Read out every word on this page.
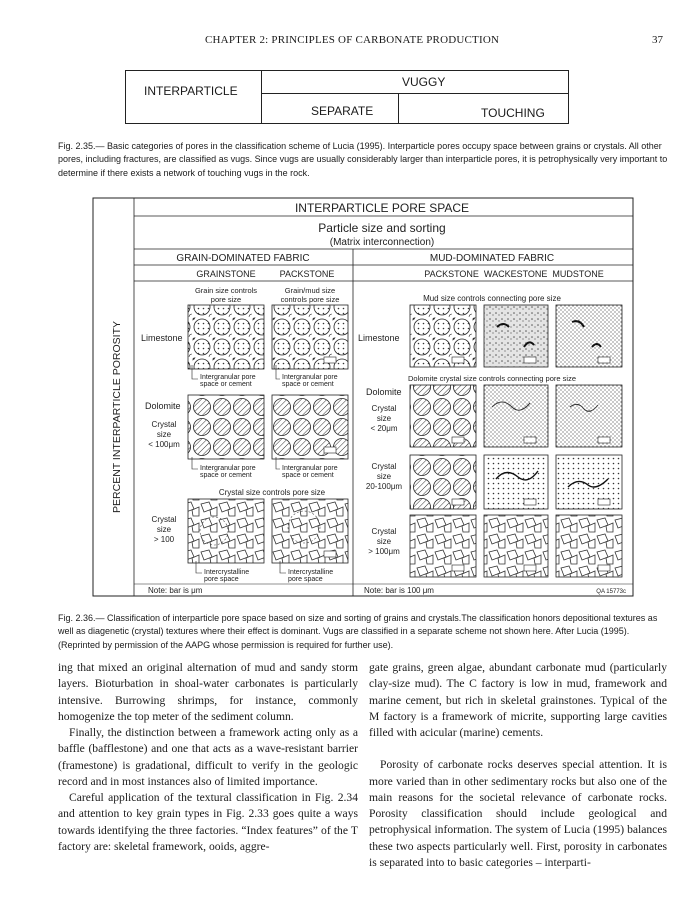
CHAPTER 2: PRINCIPLES OF CARBONATE PRODUCTION	37
INTERPARTICLE
VUGGY
SEPARATE	TOUCHING
Fig. 2.35.— Basic categories of pores in the classification scheme of Lucia (1995). Interparticle pores occupy space between grains or crystals. All other pores, including fractures, are classified as vugs. Since vugs are usually considerably larger than interparticle pores, it is petrophysically very important to determine if there exists a network of touching vugs in the rock.
INTERPARTICLE PORE SPACE
Particle size and sorting
(Matrix interconnection)
GRAIN-DOMINATED FABRIC	MUD-DOMINATED FABRIC
GRAINSTONE	PACKSTONE	PACKSTONE  WACKESTONE  MUDSTONE
PERCENT INTERPARTICLE POROSITY Limestone
Dolomite
Crystal
size
< 100μm
Crystal
size
> 100
Grain size controls
pore size
Grain/mud size
controls pore size
Intergranular pore
space or cement
Intergranular pore
space or cement
Intergranular pore
space or cement
Intergranular pore
space or cement
Crystal size controls pore size
Intercrystalline
pore space
Intercrystalline
pore space
Mud size controls connecting pore size
Limestone
Dolomite crystal size controls connecting pore size
Dolomite
Crystal
size
< 20μm
Crystal
size
20-100μm
Crystal
size
> 100μm
Note: bar is μm	Note: bar is 100 μm	QA 15773c
Fig. 2.36.— Classification of interparticle pore space based on size and sorting of grains and crystals.The classification honors depositional textures as well as diagenetic (crystal) textures where their effect is dominant. Vugs are classified in a separate scheme not shown here. After Lucia (1995). (Reprinted by permission of the AAPG whose permission is required for further use).

ing that mixed an original alternation of mud and sandy storm layers. Bioturbation in shoal-water carbonates is particularly intensive. Burrowing shrimps, for instance, commonly homogenize the top meter of the sediment column.

Finally, the distinction between a framework acting only as a baffle (bafflestone) and one that acts as a wave-resistant barrier (framestone) is gradational, difficult to verify in the geologic record and in most instances also of limited importance.

Careful application of the textural classification in Fig. 2.34 and attention to key grain types in Fig. 2.33 goes quite a ways towards identifying the three factories. “Index features” of the T factory are: skeletal framework, ooids, aggre-

gate grains, green algae, abundant carbonate mud (particularly clay-size mud). The C factory is low in mud, framework and marine cement, but rich in skeletal grainstones. Typical of the M factory is a framework of micrite, supporting large cavities filled with acicular (marine) cements.

Porosity of carbonate rocks deserves special attention. It is more varied than in other sedimentary rocks but also one of the main reasons for the societal relevance of carbonate rocks. Porosity classification should include geological and petrophysical information. The system of Lucia (1995) balances these two aspects particularly well. First, porosity in carbonates is separated into to basic categories – interparti-
